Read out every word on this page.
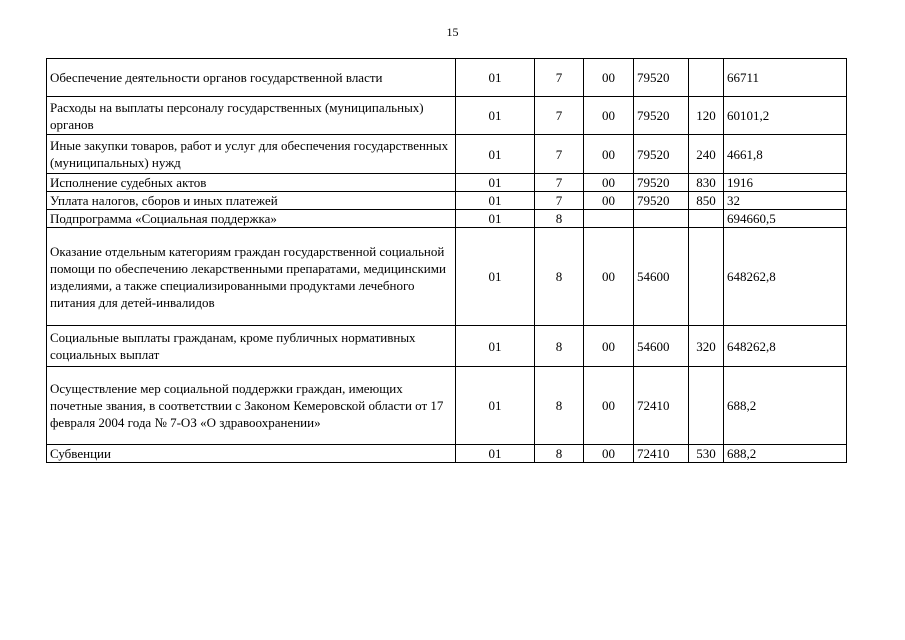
15
Обеспечение деятельности органов государственной власти	01	7	00	79520		66711
Расходы на выплаты персоналу государственных (муниципальных) органов	01	7	00	79520	120	60101,2
Иные закупки товаров, работ и услуг для обеспечения государственных (муниципальных) нужд	01	7	00	79520	240	4661,8
Исполнение судебных актов	01	7	00	79520	830	1916
Уплата налогов, сборов и иных платежей	01	7	00	79520	850	32
Подпрограмма «Социальная поддержка»	01	8				694660,5
Оказание отдельным категориям граждан государственной социальной помощи по обеспечению лекарственными препаратами, медицинскими изделиями, а также специализированными продуктами лечебного питания для детей-инвалидов	01	8	00	54600		648262,8
Социальные выплаты гражданам, кроме публичных нормативных социальных выплат	01	8	00	54600	320	648262,8
Осуществление мер социальной поддержки граждан, имеющих почетные звания, в соответствии с Законом Кемеровской области от 17 февраля 2004 года № 7-ОЗ «О здравоохранении»	01	8	00	72410		688,2
Субвенции	01	8	00	72410	530	688,2
